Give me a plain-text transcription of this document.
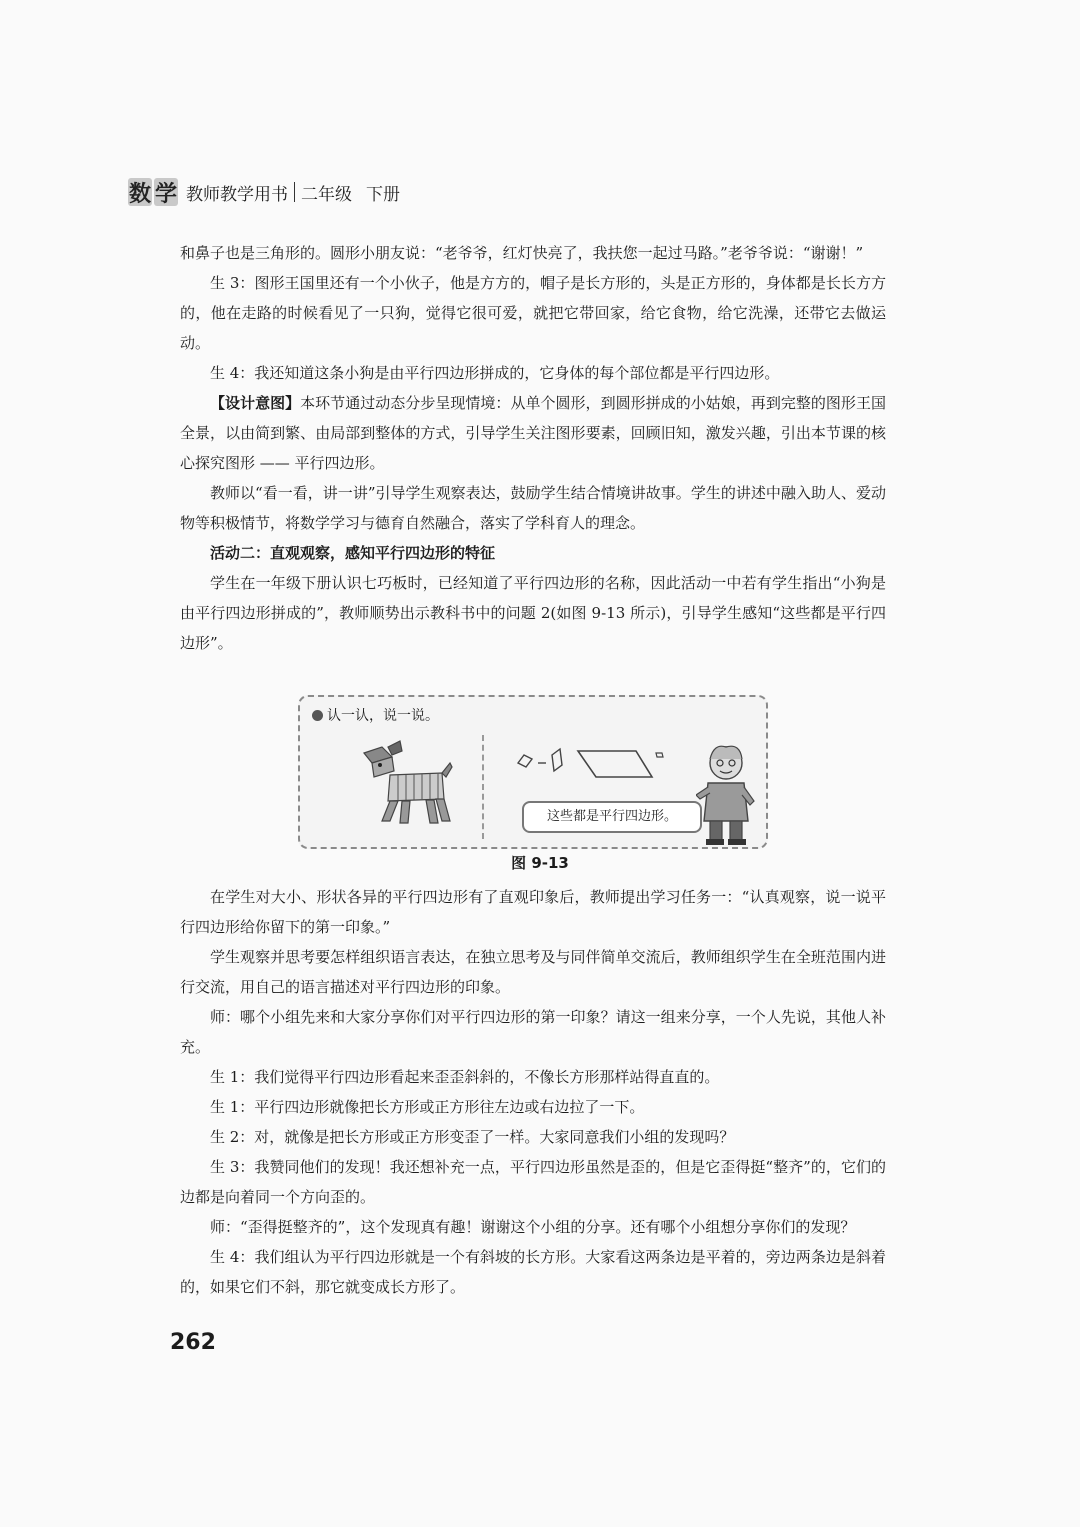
数 学 教师教学用书 二年级 下册

和鼻子也是三角形的。圆形小朋友说：“老爷爷，红灯快亮了，我扶您一起过马路。”老爷爷说：“谢谢！”

生 3：图形王国里还有一个小伙子，他是方方的，帽子是长方形的，头是正方形的，身体都是长长方方的，他在走路的时候看见了一只狗，觉得它很可爱，就把它带回家，给它食物，给它洗澡，还带它去做运动。

生 4：我还知道这条小狗是由平行四边形拼成的，它身体的每个部位都是平行四边形。

【设计意图】本环节通过动态分步呈现情境：从单个圆形，到圆形拼成的小姑娘，再到完整的图形王国全景，以由简到繁、由局部到整体的方式，引导学生关注图形要素，回顾旧知，激发兴趣，引出本节课的核心探究图形 —— 平行四边形。

教师以“看一看，讲一讲”引导学生观察表达，鼓励学生结合情境讲故事。学生的讲述中融入助人、爱动物等积极情节，将数学学习与德育自然融合，落实了学科育人的理念。

活动二：直观观察，感知平行四边形的特征

学生在一年级下册认识七巧板时，已经知道了平行四边形的名称，因此活动一中若有学生指出“小狗是由平行四边形拼成的”，教师顺势出示教科书中的问题 2(如图 9-13 所示)，引导学生感知“这些都是平行四边形”。

认一认，说一说。
这些都是平行四边形。
图 9-13

在学生对大小、形状各异的平行四边形有了直观印象后，教师提出学习任务一：“认真观察，说一说平行四边形给你留下的第一印象。”

学生观察并思考要怎样组织语言表达，在独立思考及与同伴简单交流后，教师组织学生在全班范围内进行交流，用自己的语言描述对平行四边形的印象。

师：哪个小组先来和大家分享你们对平行四边形的第一印象？请这一组来分享，一个人先说，其他人补充。

生 1：我们觉得平行四边形看起来歪歪斜斜的，不像长方形那样站得直直的。

生 1：平行四边形就像把长方形或正方形往左边或右边拉了一下。

生 2：对，就像是把长方形或正方形变歪了一样。大家同意我们小组的发现吗？

生 3：我赞同他们的发现！我还想补充一点，平行四边形虽然是歪的，但是它歪得挺“整齐”的，它们的边都是向着同一个方向歪的。

师：“歪得挺整齐的”，这个发现真有趣！谢谢这个小组的分享。还有哪个小组想分享你们的发现？

生 4：我们组认为平行四边形就是一个有斜坡的长方形。大家看这两条边是平着的，旁边两条边是斜着的，如果它们不斜，那它就变成长方形了。

262
